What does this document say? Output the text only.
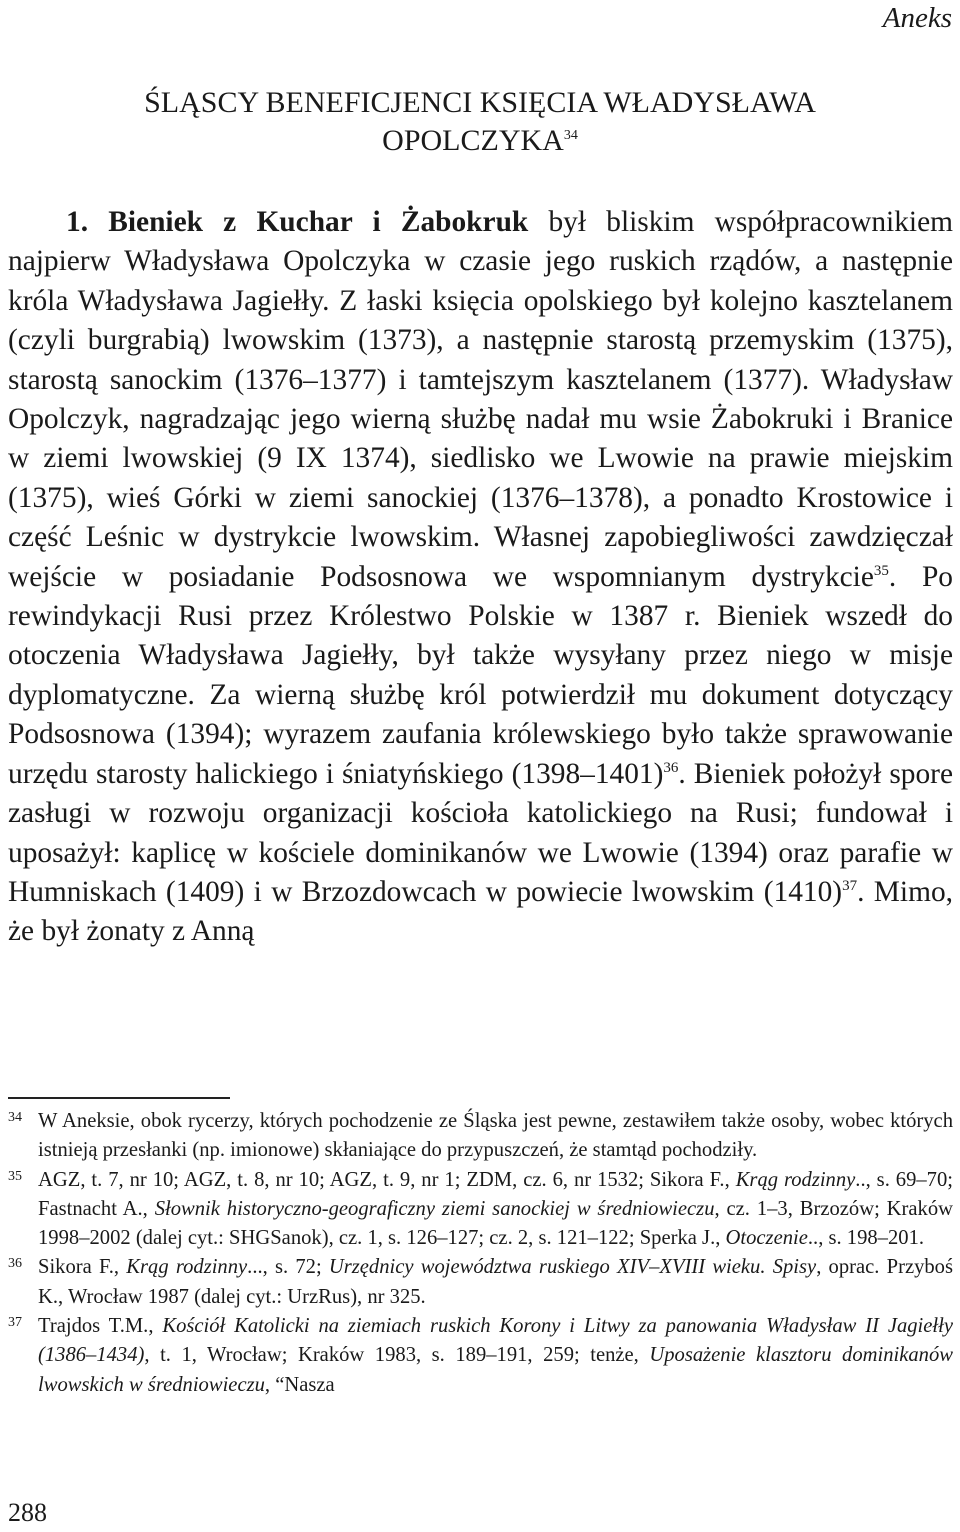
Aneks
ŚLĄSCY BENEFICJENCI KSIĘCIA WŁADYSŁAWA
OPOLCZYKA$^{34}$

1. Bieniek z Kuchar i Żabokruk był bliskim współpracownikiem najpierw Władysława Opolczyka w czasie jego ruskich rządów, a następnie króla Władysława Jagiełły. Z łaski księcia opolskiego był kolejno kasztelanem (czyli burgrabią) lwowskim (1373), a następnie starostą przemyskim (1375), starostą sanockim (1376–1377) i tamtejszym kasztelanem (1377). Władysław Opolczyk, nagradzając jego wierną służbę nadał mu wsie Żabokruki i Branice w ziemi lwowskiej (9 IX 1374), siedlisko we Lwowie na prawie miejskim (1375), wieś Górki w ziemi sanockiej (1376–1378), a ponadto Krostowice i część Leśnic w dystrykcie lwowskim. Własnej zapobiegliwości zawdzięczał wejście w posiadanie Podsosnowa we wspomnianym dystrykcie$^{35}$. Po rewindykacji Rusi przez Królestwo Polskie w 1387 r. Bieniek wszedł do otoczenia Władysława Jagiełły, był także wysyłany przez niego w misje dyplomatyczne. Za wierną służbę król potwierdził mu dokument dotyczący Podsosnowa (1394); wyrazem zaufania królewskiego było także sprawowanie urzędu starosty halickiego i śniatyńskiego (1398–1401)$^{36}$. Bieniek położył spore zasługi w rozwoju organizacji kościoła katolickiego na Rusi; fundował i uposażył: kaplicę w kościele dominikanów we Lwowie (1394) oraz parafie w Humniskach (1409) i w Brzozdowcach w powiecie lwowskim $(1410)^{37}$. Mimo, że był żonaty z Anną

34 W Aneksie, obok rycerzy, których pochodzenie ze Śląska jest pewne, zestawiłem także osoby, wobec których istnieją przesłanki (np. imionowe) skłaniające do przypuszczeń, że stamtąd pochodziły.
35 AGZ, t. 7, nr 10; AGZ, t. 8, nr 10; AGZ, t. 9, nr 1; ZDM, cz. 6, nr 1532; Sikora F., Krąg rodzinny.., s. 69–70; Fastnacht A., Słownik historyczno-geograficzny ziemi sanockiej w średniowieczu, cz. 1–3, Brzozów; Kraków 1998–2002 (dalej cyt.: SHGSanok), cz. 1, s. 126–127; cz. 2, s. 121–122; Sperka J., Otoczenie.., s. 198–201.
36 Sikora F., Krąg rodzinny..., s. 72; Urzędnicy województwa ruskiego XIV–XVIII wieku. Spisy, oprac. Przyboś K., Wrocław 1987 (dalej cyt.: UrzRus), nr 325.
37 Trajdos T.M., Kościół Katolicki na ziemiach ruskich Korony i Litwy za panowania Władysław II Jagiełły (1386–1434), t. 1, Wrocław; Kraków 1983, s. 189–191, 259; tenże, Uposażenie klasztoru dominikanów lwowskich w średniowieczu, “Nasza
288
